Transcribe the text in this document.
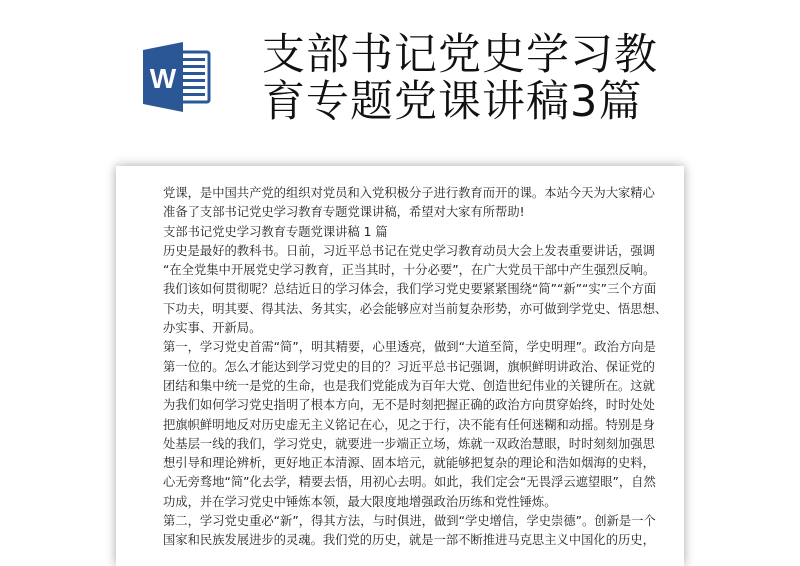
W 支部书记党史学习教
育专题党课讲稿3篇
党课，是中国共产党的组织对党员和入党积极分子进行教育而开的课。本站今天为大家精心
准备了支部书记党史学习教育专题党课讲稿，希望对大家有所帮助!
支部书记党史学习教育专题党课讲稿 1 篇
历史是最好的教科书。日前，习近平总书记在党史学习教育动员大会上发表重要讲话，强调
“在全党集中开展党史学习教育，正当其时，十分必要”，在广大党员干部中产生强烈反响。
我们该如何贯彻呢？总结近日的学习体会，我们学习党史要紧紧围绕“简”“新”“实”三个方面
下功夫，明其要、得其法、务其实，必会能够应对当前复杂形势，亦可做到学党史、悟思想、
办实事、开新局。
第一，学习党史首需“简”，明其精要，心里透亮，做到“大道至简，学史明理”。政治方向是
第一位的。怎么才能达到学习党史的目的？习近平总书记强调，旗帜鲜明讲政治、保证党的
团结和集中统一是党的生命，也是我们党能成为百年大党、创造世纪伟业的关键所在。这就
为我们如何学习党史指明了根本方向，无不是时刻把握正确的政治方向贯穿始终，时时处处
把旗帜鲜明地反对历史虚无主义铭记在心，见之于行，决不能有任何迷糊和动摇。特别是身
处基层一线的我们，学习党史，就要进一步端正立场，炼就一双政治慧眼，时时刻刻加强思
想引导和理论辨析，更好地正本清源、固本培元，就能够把复杂的理论和浩如烟海的史料，
心无旁骛地“简”化去学，精要去悟，用初心去明。如此，我们定会“无畏浮云遮望眼”，自然
功成，并在学习党史中锤炼本领，最大限度地增强政治历练和党性锤炼。
第二，学习党史重必“新”，得其方法，与时俱进，做到“学史增信，学史崇德”。创新是一个
国家和民族发展进步的灵魂。我们党的历史，就是一部不断推进马克思主义中国化的历史，
